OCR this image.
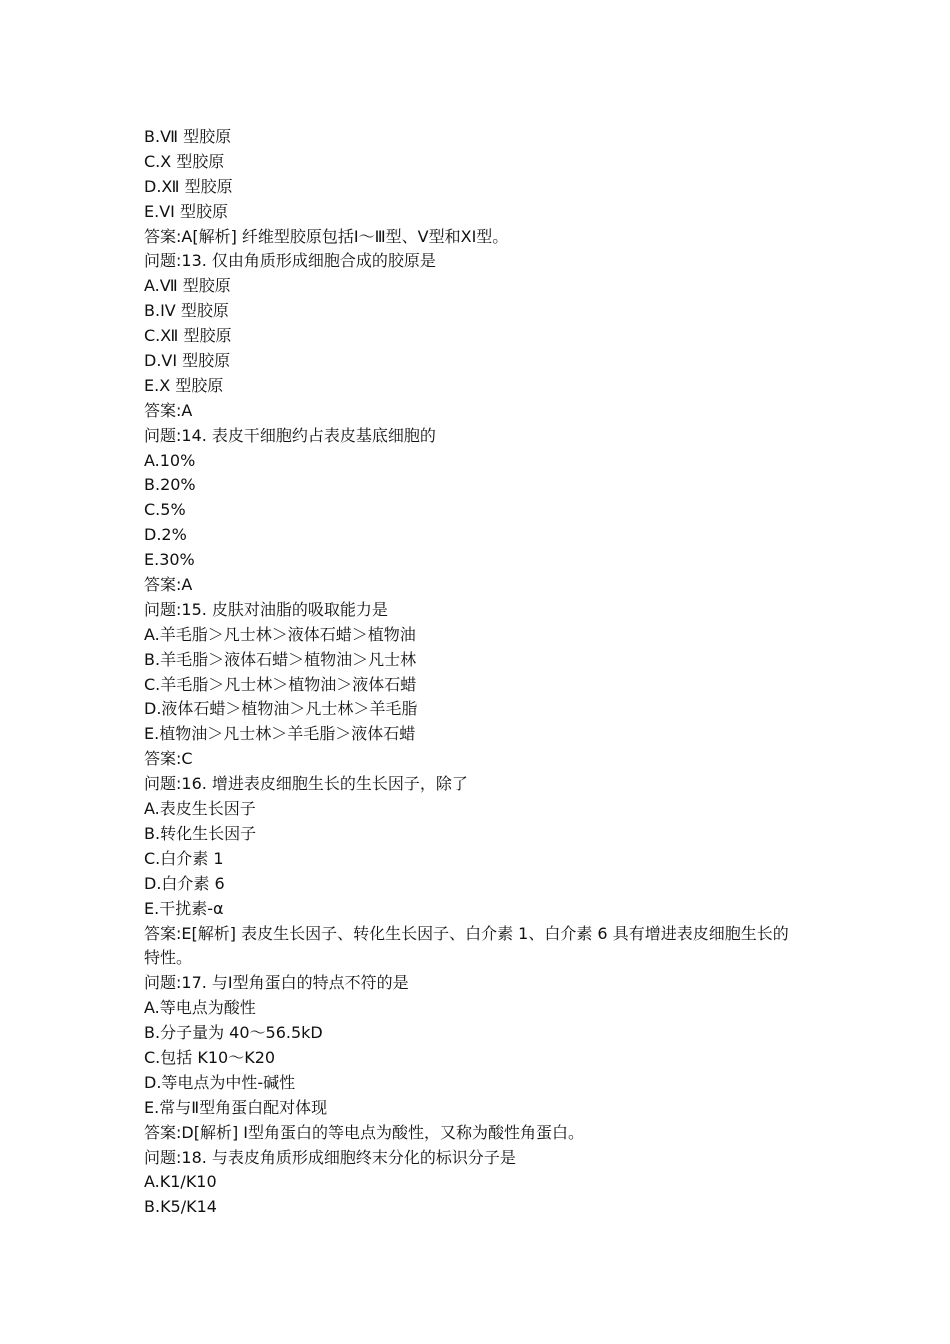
B.Ⅶ 型胶原
C.Ⅹ 型胶原
D.Ⅻ 型胶原
E.VI 型胶原
答案:A[解析] 纤维型胶原包括Ⅰ～Ⅲ型、Ⅴ型和XI型。
问题:13. 仅由角质形成细胞合成的胶原是
A.Ⅶ 型胶原
B.IV 型胶原
C.Ⅻ 型胶原
D.VI 型胶原
E.Ⅹ 型胶原
答案:A
问题:14. 表皮干细胞约占表皮基底细胞的
A.10%
B.20%
C.5%
D.2%
E.30%
答案:A
问题:15. 皮肤对油脂的吸取能力是
A.羊毛脂＞凡士林＞液体石蜡＞植物油
B.羊毛脂＞液体石蜡＞植物油＞凡士林
C.羊毛脂＞凡士林＞植物油＞液体石蜡
D.液体石蜡＞植物油＞凡士林＞羊毛脂
E.植物油＞凡士林＞羊毛脂＞液体石蜡
答案:C
问题:16. 增进表皮细胞生长的生长因子，除了
A.表皮生长因子
B.转化生长因子
C.白介素 1
D.白介素 6
E.干扰素-α
答案:E[解析] 表皮生长因子、转化生长因子、白介素 1、白介素 6 具有增进表皮细胞生长的
特性。
问题:17. 与Ⅰ型角蛋白的特点不符的是
A.等电点为酸性
B.分子量为 40～56.5kD
C.包括 K10～K20
D.等电点为中性-碱性
E.常与Ⅱ型角蛋白配对体现
答案:D[解析] Ⅰ型角蛋白的等电点为酸性，又称为酸性角蛋白。
问题:18. 与表皮角质形成细胞终末分化的标识分子是
A.K1/K10
B.K5/K14
